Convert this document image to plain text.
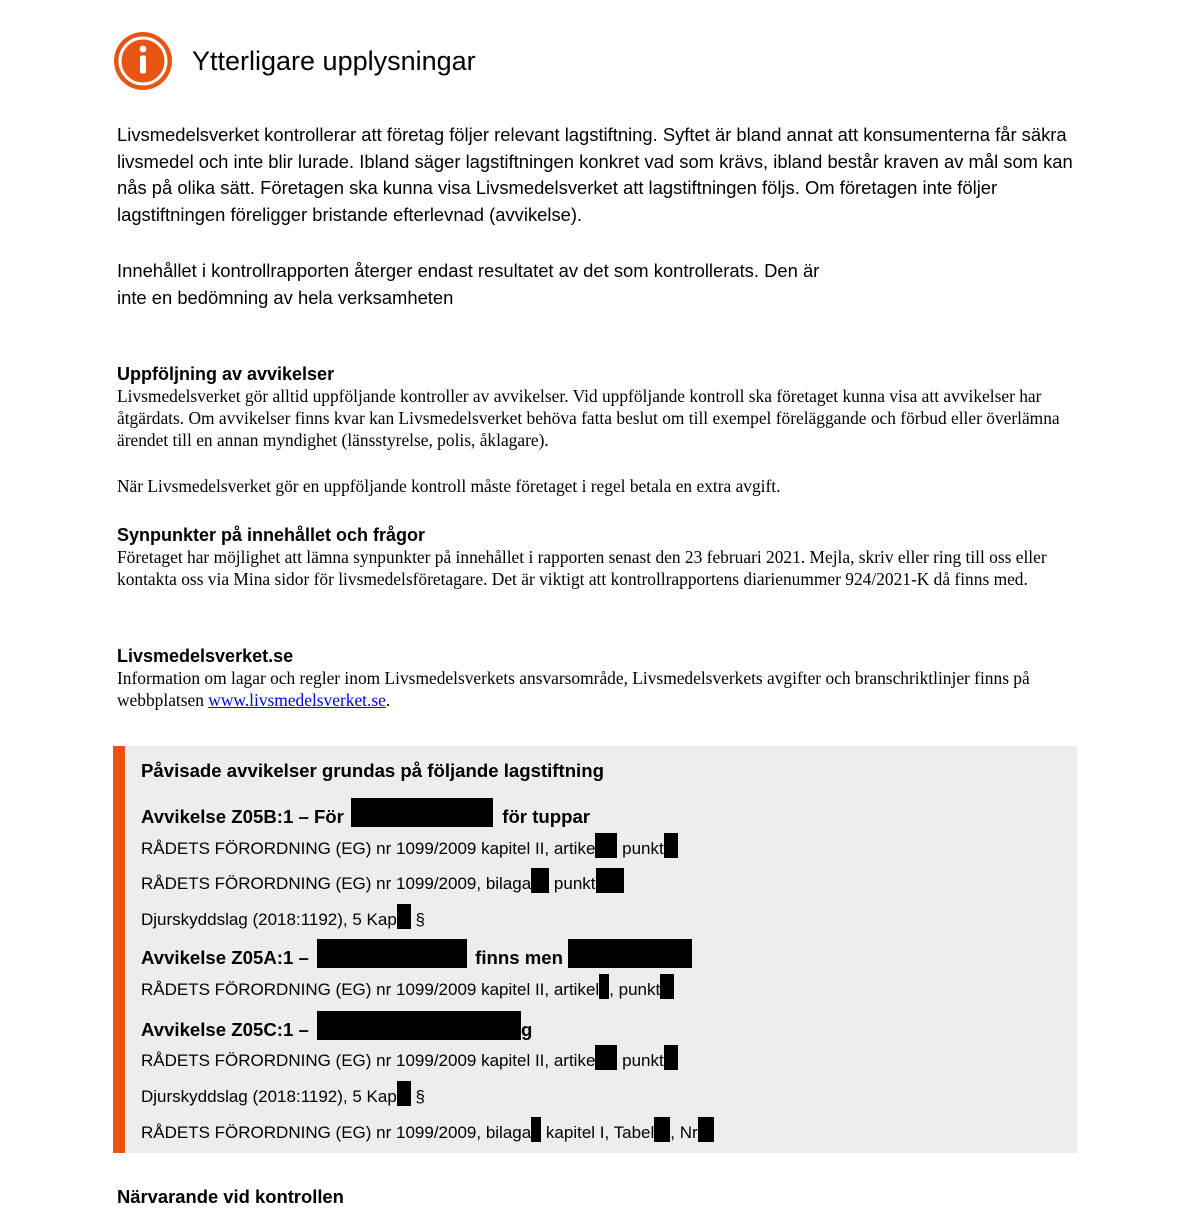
Ytterligare upplysningar

Livsmedelsverket kontrollerar att företag följer relevant lagstiftning. Syftet är bland annat att konsumenterna får säkra livsmedel och inte blir lurade. Ibland säger lagstiftningen konkret vad som krävs, ibland består kraven av mål som kan nås på olika sätt. Företagen ska kunna visa Livsmedelsverket att lagstiftningen följs. Om företagen inte följer lagstiftningen föreligger bristande efterlevnad (avvikelse).

Innehållet i kontrollrapporten återger endast resultatet av det som kontrollerats. Den är
inte en bedömning av hela verksamheten
Uppföljning av avvikelser

Livsmedelsverket gör alltid uppföljande kontroller av avvikelser. Vid uppföljande kontroll ska företaget kunna visa att avvikelser har åtgärdats. Om avvikelser finns kvar kan Livsmedelsverket behöva fatta beslut om till exempel föreläggande och förbud eller överlämna ärendet till en annan myndighet (länsstyrelse, polis, åklagare).

När Livsmedelsverket gör en uppföljande kontroll måste företaget i regel betala en extra avgift.

Synpunkter på innehållet och frågor

Företaget har möjlighet att lämna synpunkter på innehållet i rapporten senast den 23 februari 2021. Mejla, skriv eller ring till oss eller kontakta oss via Mina sidor för livsmedelsföretagare. Det är viktigt att kontrollrapportens diarienummer 924/2021-K då finns med.

Livsmedelsverket.se

Information om lagar och regler inom Livsmedelsverkets ansvarsområde, Livsmedelsverkets avgifter och branschriktlinjer finns på webbplatsen www.livsmedelsverket.se.

Påvisade avvikelser grundas på följande lagstiftning
Avvikelse Z05B:1 – För	för tuppar
RÅDETS FÖRORDNING (EG) nr 1099/2009 kapitel II, artike punkt
RÅDETS FÖRORDNING (EG) nr 1099/2009, bilaga punkt
Djurskyddslag (2018:1192), 5 Kap §
Avvikelse Z05A:1 –	finns men
RÅDETS FÖRORDNING (EG) nr 1099/2009 kapitel II, artikel , punkt
Avvikelse Z05C:1 –	g
RÅDETS FÖRORDNING (EG) nr 1099/2009 kapitel II, artike punkt
Djurskyddslag (2018:1192), 5 Kap §
RÅDETS FÖRORDNING (EG) nr 1099/2009, bilaga kapitel I, Tabel , Nr
Närvarande vid kontrollen
